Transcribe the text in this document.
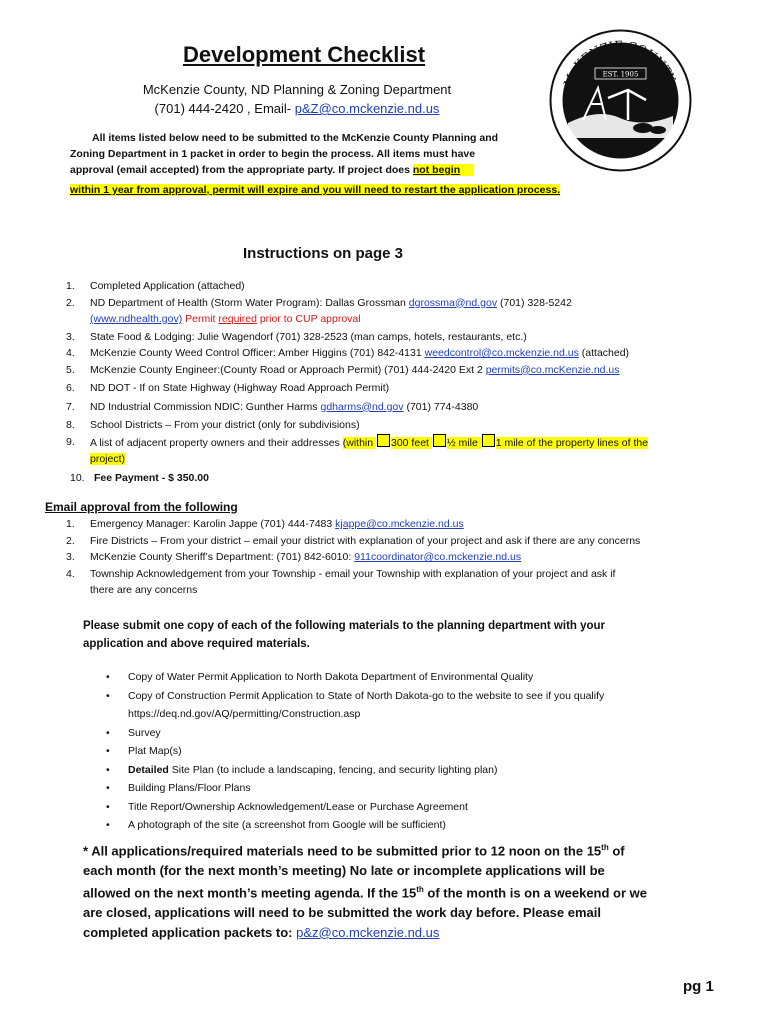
Development Checklist
McKenzie County, ND Planning & Zoning Department
(701) 444-2420 , Email- p&Z@co.mckenzie.nd.us
McKENZIE COUNTY
EST. 1905
All items listed below need to be submitted to the McKenzie County Planning and
Zoning Department in 1 packet in order to begin the process. All items must have
approval (email accepted) from the appropriate party. If project does not begin
within 1 year from approval, permit will expire and you will need to restart the application process.
Instructions on page 3
1.	Completed Application (attached)
2.	ND Department of Health (Storm Water Program): Dallas Grossman dgrossma@nd.gov (701) 328-5242
(www.ndhealth.gov) Permit required prior to CUP approval
3.	State Food & Lodging: Julie Wagendorf (701) 328-2523 (man camps, hotels, restaurants, etc.)
4.	McKenzie County Weed Control Officer: Amber Higgins (701) 842-4131 weedcontrol@co.mckenzie.nd.us (attached)
5.	McKenzie County Engineer:(County Road or Approach Permit) (701) 444-2420 Ext 2 permits@co.mcKenzie.nd.us
6.	ND DOT - If on State Highway (Highway Road Approach Permit)
7.	ND Industrial Commission NDIC: Gunther Harms gdharms@nd.gov (701) 774-4380
8.	School Districts – From your district (only for subdivisions)
9.	A list of adjacent property owners and their addresses (within 300 feet ½ mile 1 mile of the property lines of the
project)
10. Fee Payment - $ 350.00
Email approval from the following
1.	Emergency Manager: Karolin Jappe (701) 444-7483 kjappe@co.mckenzie.nd.us
2.	Fire Districts – From your district – email your district with explanation of your project and ask if there are any concerns
3.	McKenzie County Sheriff’s Department: (701) 842-6010: 911coordinator@co.mckenzie.nd.us
4.	Township Acknowledgement from your Township - email your Township with explanation of your project and ask if
there are any concerns
Please submit one copy of each of the following materials to the planning department with your
application and above required materials.
•	Copy of Water Permit Application to North Dakota Department of Environmental Quality
•	Copy of Construction Permit Application to State of North Dakota-go to the website to see if you qualify
https://deq.nd.gov/AQ/permitting/Construction.asp
•	Survey
•	Plat Map(s)
•	Detailed Site Plan (to include a landscaping, fencing, and security lighting plan)
•	Building Plans/Floor Plans
•	Title Report/Ownership Acknowledgement/Lease or Purchase Agreement
•	A photograph of the site (a screenshot from Google will be sufficient)
* All applications/required materials need to be submitted prior to 12 noon on the 15th of
each month (for the next month’s meeting) No late or incomplete applications will be
allowed on the next month’s meeting agenda. If the 15th of the month is on a weekend or we
are closed, applications will need to be submitted the work day before. Please email
completed application packets to: p&z@co.mckenzie.nd.us
pg 1
